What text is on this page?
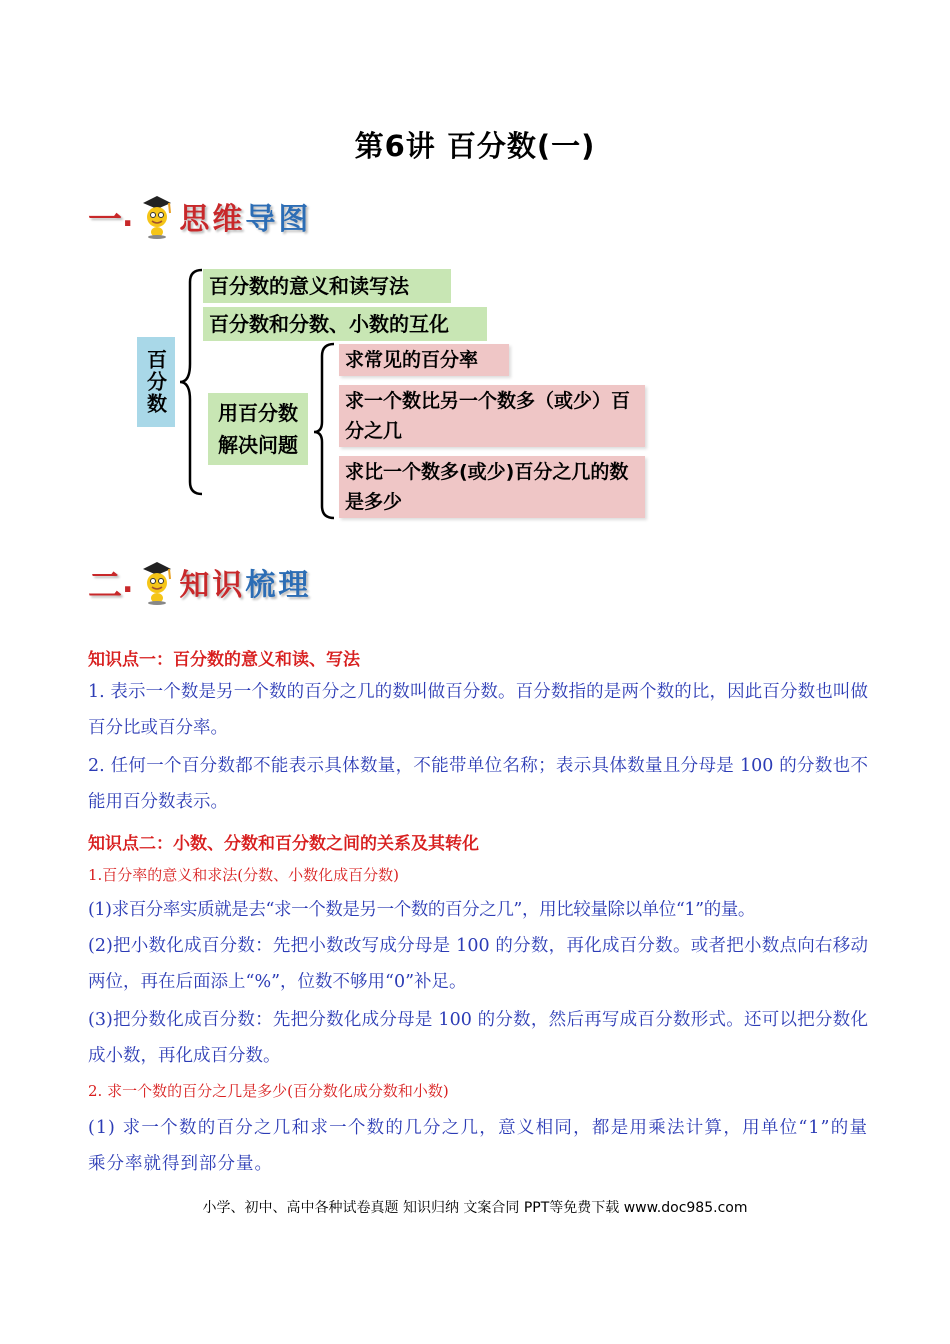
第6讲 百分数(一)
一 . 思维导图
百分数
百分数的意义和读写法
百分数和分数、小数的互化
用百分数解决问题
求常见的百分率
求一个数比另一个数多（或少）百分之几
求比一个数多(或少)百分之几的数是多少
二 . 知识梳理
知识点一：百分数的意义和读、写法
1. 表示一个数是另一个数的百分之几的数叫做百分数。百分数指的是两个数的比，因此百分数也叫做百分比或百分率。
2. 任何一个百分数都不能表示具体数量，不能带单位名称；表示具体数量且分母是 100 的分数也不能用百分数表示。
知识点二：小数、分数和百分数之间的关系及其转化
1.百分率的意义和求法(分数、小数化成百分数)
(1)求百分率实质就是去“求一个数是另一个数的百分之几”，用比较量除以单位“1”的量。
(2)把小数化成百分数：先把小数改写成分母是 100 的分数，再化成百分数。或者把小数点向右移动两位，再在后面添上“%”，位数不够用“0”补足。
(3)把分数化成百分数：先把分数化成分母是 100 的分数，然后再写成百分数形式。还可以把分数化成小数，再化成百分数。
2. 求一个数的百分之几是多少(百分数化成分数和小数)
(1) 求一个数的百分之几和求一个数的几分之几，意义相同，都是用乘法计算，用单位“1”的量乘分率就得到部分量。
小学、初中、高中各种试卷真题 知识归纳 文案合同 PPT等免费下载 www.doc985.com
